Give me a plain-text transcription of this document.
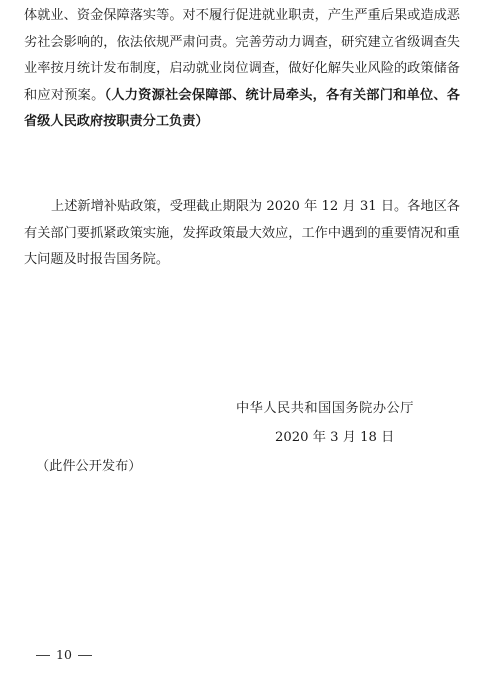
体就业、资金保障落实等。对不履行促进就业职责，产生严重后果或造成恶劣社会影响的，依法依规严肃问责。完善劳动力调查，研究建立省级调查失业率按月统计发布制度，启动就业岗位调查，做好化解失业风险的政策储备和应对预案。（人力资源社会保障部、统计局牵头，各有关部门和单位、各省级人民政府按职责分工负责）

上述新增补贴政策，受理截止期限为 2020 年 12 月 31 日。各地区各有关部门要抓紧政策实施，发挥政策最大效应，工作中遇到的重要情况和重大问题及时报告国务院。

中华人民共和国国务院办公厅
2020 年 3 月 18 日
（此件公开发布）
10
